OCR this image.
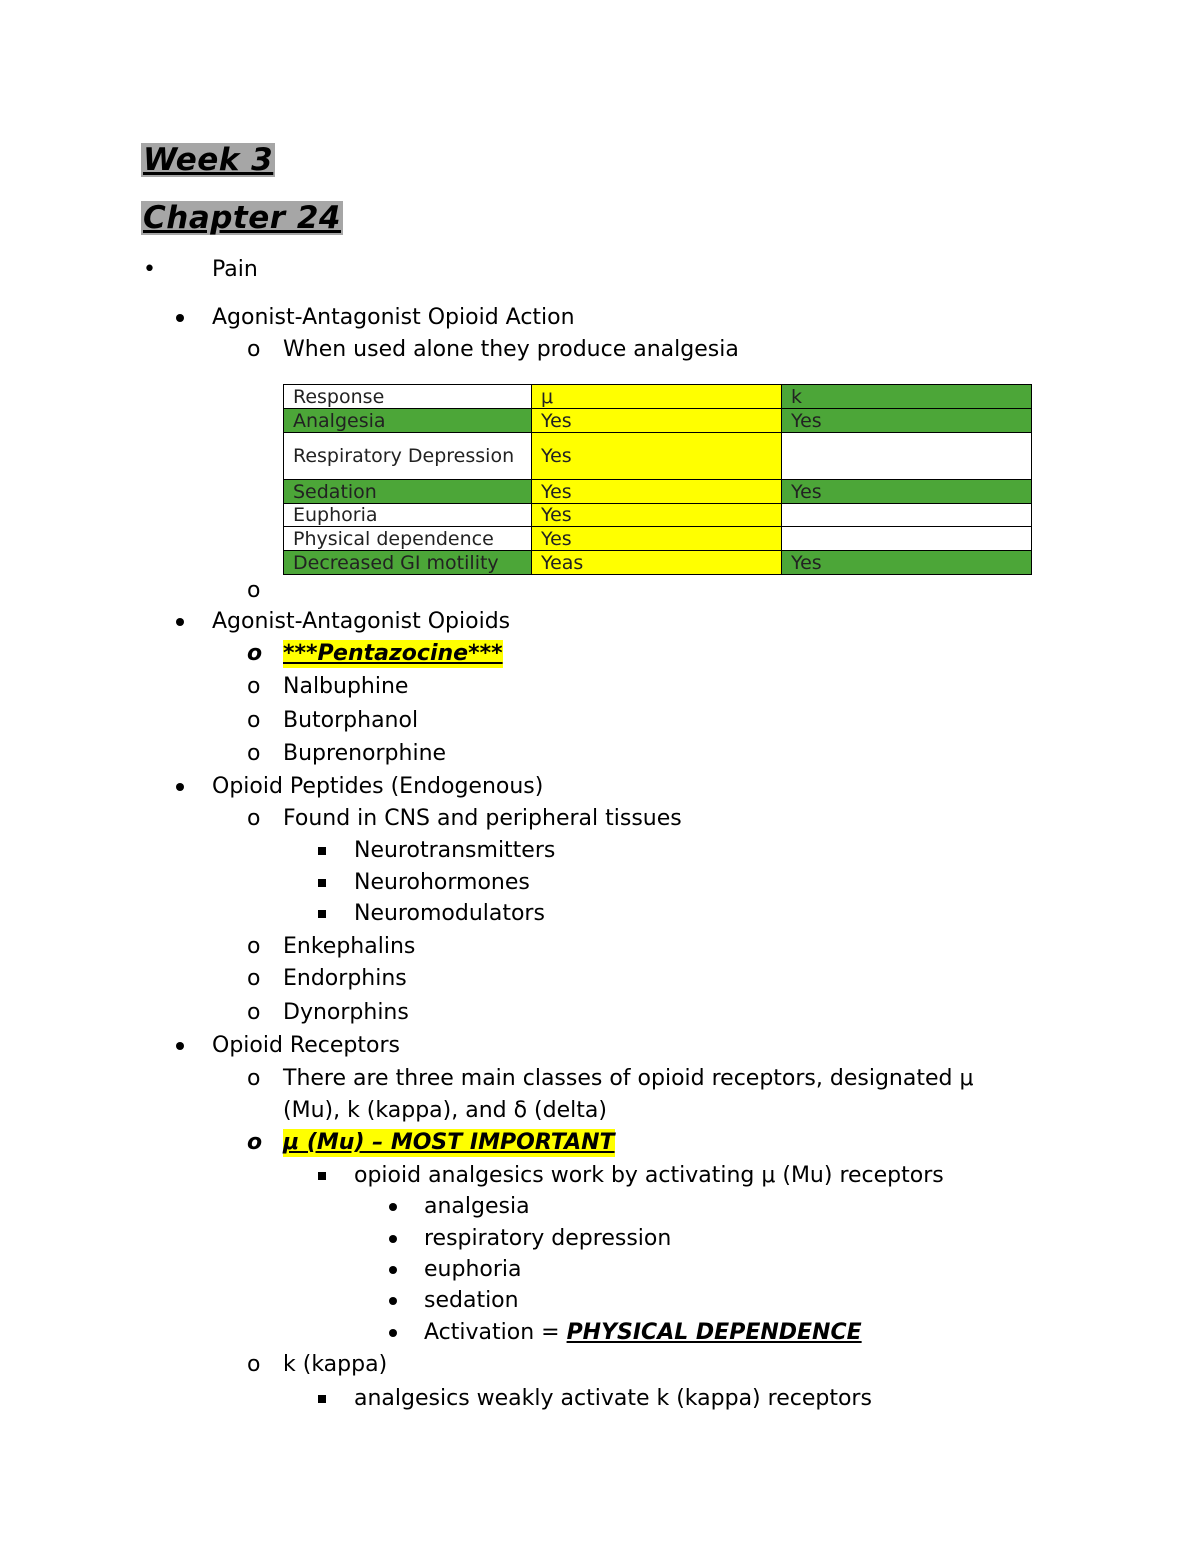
Week 3
Chapter 24
•	Pain
Agonist-Antagonist Opioid Action
o When used alone they produce analgesia
Response	μ	k
Analgesia	Yes	Yes
Respiratory Depression	Yes	
Sedation	Yes	Yes
Euphoria	Yes	
Physical dependence	Yes	
Decreased GI motility	Yeas	Yes
o
Agonist-Antagonist Opioids
o ***Pentazocine***
o Nalbuphine
o Butorphanol
o Buprenorphine
Opioid Peptides (Endogenous)
o Found in CNS and peripheral tissues
Neurotransmitters
Neurohormones
Neuromodulators
o Enkephalins
o Endorphins
o Dynorphins
Opioid Receptors
o There are three main classes of opioid receptors, designated μ
(Mu), k (kappa), and δ (delta)
o μ (Mu) – MOST IMPORTANT
opioid analgesics work by activating μ (Mu) receptors
analgesia
respiratory depression
euphoria
sedation
Activation = PHYSICAL DEPENDENCE
o k (kappa)
analgesics weakly activate k (kappa) receptors
